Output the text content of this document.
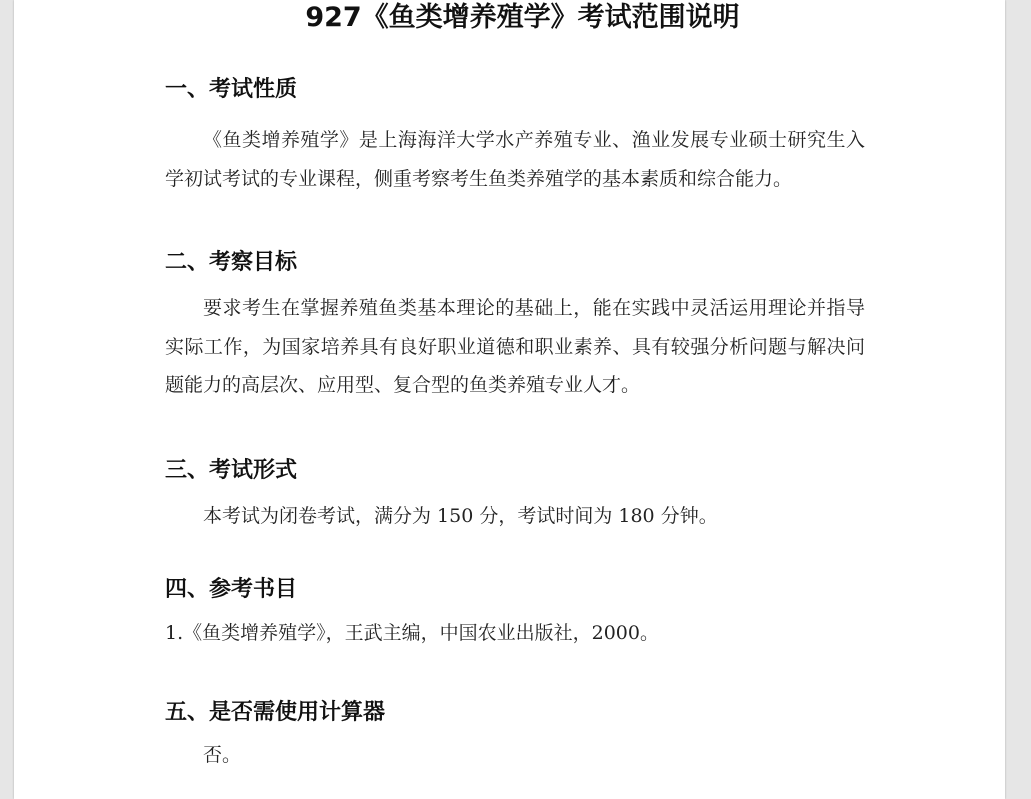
927《鱼类增养殖学》考试范围说明
一、考试性质
《鱼类增养殖学》是上海海洋大学水产养殖专业、渔业发展专业硕士研究生入学初试考试的专业课程，侧重考察考生鱼类养殖学的基本素质和综合能力。
二、考察目标
要求考生在掌握养殖鱼类基本理论的基础上，能在实践中灵活运用理论并指导实际工作，为国家培养具有良好职业道德和职业素养、具有较强分析问题与解决问题能力的高层次、应用型、复合型的鱼类养殖专业人才。
三、考试形式
本考试为闭卷考试，满分为 150 分，考试时间为 180 分钟。
四、参考书目
1.《鱼类增养殖学》，王武主编，中国农业出版社，2000。
五、是否需使用计算器
否。
